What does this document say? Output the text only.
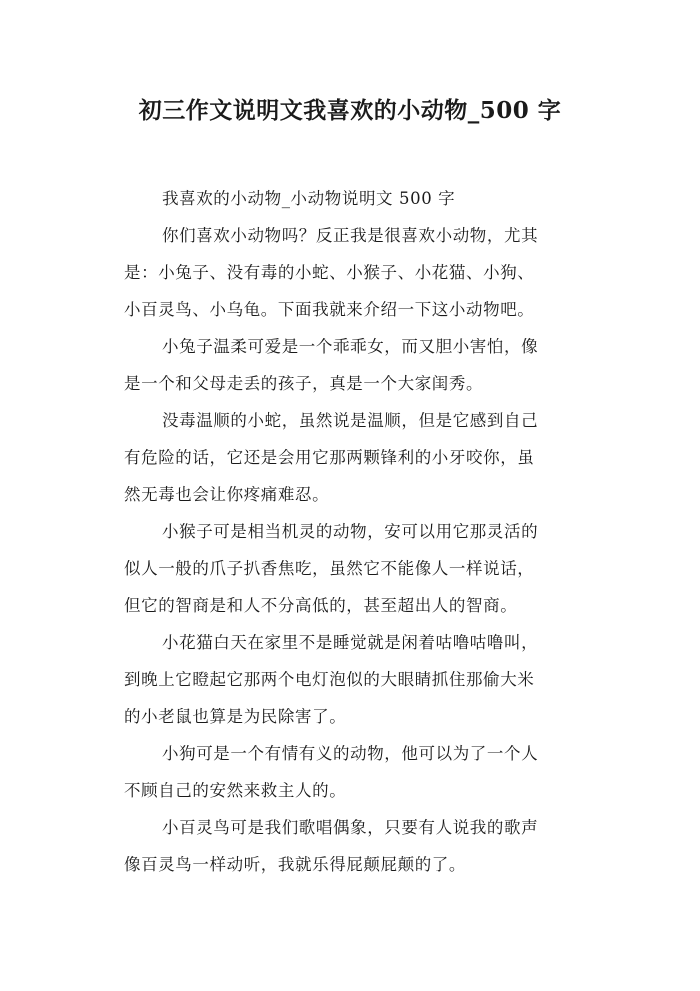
初三作文说明文我喜欢的小动物_500 字
我喜欢的小动物_小动物说明文 500 字
你们喜欢小动物吗？反正我是很喜欢小动物，尤其
是：小兔子、没有毒的小蛇、小猴子、小花猫、小狗、
小百灵鸟、小乌龟。下面我就来介绍一下这小动物吧。
小兔子温柔可爱是一个乖乖女，而又胆小害怕，像
是一个和父母走丢的孩子，真是一个大家闺秀。
没毒温顺的小蛇，虽然说是温顺，但是它感到自己
有危险的话，它还是会用它那两颗锋利的小牙咬你，虽
然无毒也会让你疼痛难忍。
小猴子可是相当机灵的动物，安可以用它那灵活的
似人一般的爪子扒香焦吃，虽然它不能像人一样说话，
但它的智商是和人不分高低的，甚至超出人的智商。
小花猫白天在家里不是睡觉就是闲着咕噜咕噜叫，
到晚上它瞪起它那两个电灯泡似的大眼睛抓住那偷大米
的小老鼠也算是为民除害了。
小狗可是一个有情有义的动物，他可以为了一个人
不顾自己的安然来救主人的。
小百灵鸟可是我们歌唱偶象，只要有人说我的歌声
像百灵鸟一样动听，我就乐得屁颠屁颠的了。
